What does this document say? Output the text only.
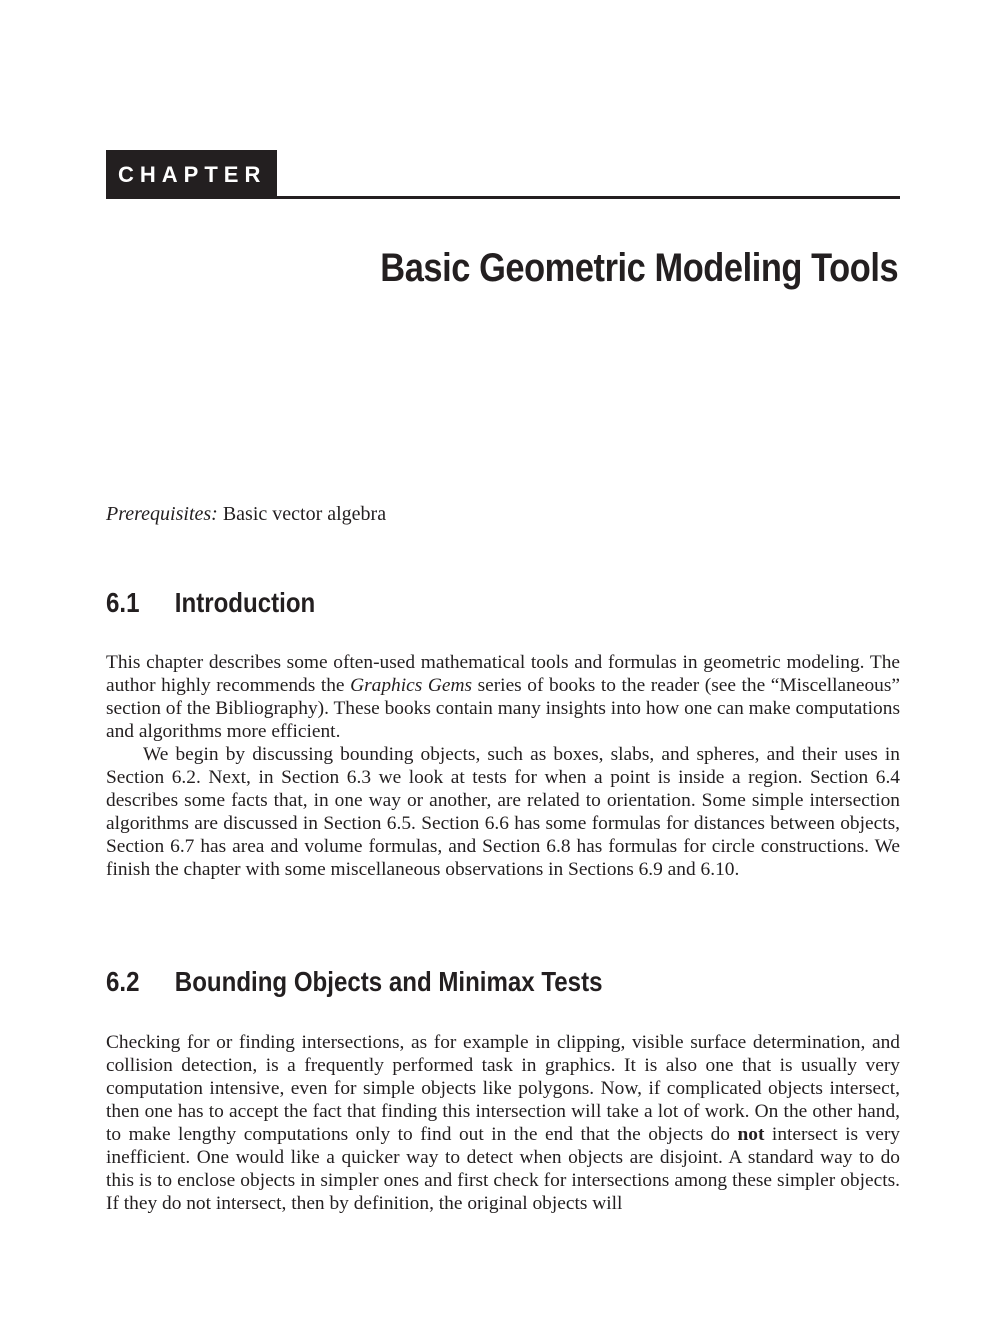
CHAPTER 6
Basic Geometric Modeling Tools

Prerequisites: Basic vector algebra

6.1 Introduction

This chapter describes some often-used mathematical tools and formulas in geometric modeling. The author highly recommends the Graphics Gems series of books to the reader (see the “Miscellaneous” section of the Bibliography). These books contain many insights into how one can make computations and algorithms more efficient.

We begin by discussing bounding objects, such as boxes, slabs, and spheres, and their uses in Section 6.2. Next, in Section 6.3 we look at tests for when a point is inside a region. Section 6.4 describes some facts that, in one way or another, are related to orientation. Some simple intersection algorithms are discussed in Section 6.5. Section 6.6 has some formulas for distances between objects, Section 6.7 has area and volume formulas, and Section 6.8 has formulas for circle constructions. We finish the chapter with some miscellaneous observations in Sections 6.9 and 6.10.

6.2 Bounding Objects and Minimax Tests

Checking for or finding intersections, as for example in clipping, visible surface determination, and collision detection, is a frequently performed task in graphics. It is also one that is usually very computation intensive, even for simple objects like polygons. Now, if complicated objects intersect, then one has to accept the fact that finding this intersection will take a lot of work. On the other hand, to make lengthy computations only to find out in the end that the objects do not intersect is very inefficient. One would like a quicker way to detect when objects are disjoint. A standard way to do this is to enclose objects in simpler ones and first check for intersections among these simpler objects. If they do not intersect, then by definition, the original objects will
